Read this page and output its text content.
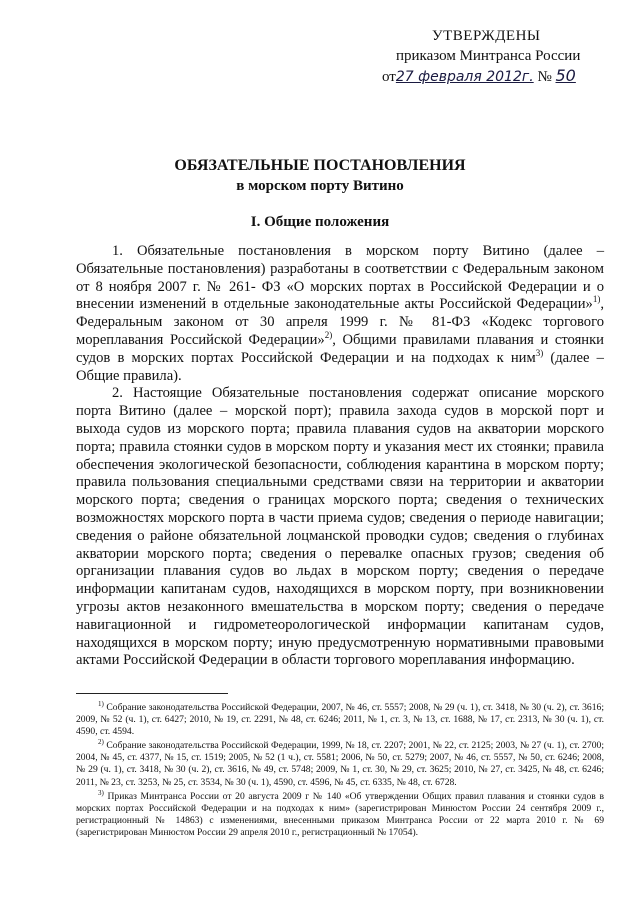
УТВЕРЖДЕНЫ
приказом Минтранса России
от27 февраля 2012г. № 50
ОБЯЗАТЕЛЬНЫЕ ПОСТАНОВЛЕНИЯ
в морском порту Витино
I. Общие положения

1. Обязательные постановления в морском порту Витино (далее – Обязательные постановления) разработаны в соответствии с Федеральным законом от 8 ноября 2007 г. № 261- ФЗ «О морских портах в Российской Федерации и о внесении изменений в отдельные законодательные акты Российской Федерации»$^{1)}$, Федеральным законом от 30 апреля 1999 г. № 81-ФЗ «Кодекс торгового мореплавания Российской Федерации»$^{2)}$, Общими правилами плавания и стоянки судов в морских портах Российской Федерации и на подходах к ним$^{3)}$ (далее – Общие правила).

2. Настоящие Обязательные постановления содержат описание морского порта Витино (далее – морской порт); правила захода судов в морской порт и выхода судов из морского порта; правила плавания судов на акватории морского порта; правила стоянки судов в морском порту и указания мест их стоянки; правила обеспечения экологической безопасности, соблюдения карантина в морском порту; правила пользования специальными средствами связи на территории и акватории морского порта; сведения о границах морского порта; сведения о технических возможностях морского порта в части приема судов; сведения о периоде навигации; сведения о районе обязательной лоцманской проводки судов; сведения о глубинах акватории морского порта; сведения о перевалке опасных грузов; сведения об организации плавания судов во льдах в морском порту; сведения о передаче информации капитанам судов, находящихся в морском порту, при возникновении угрозы актов незаконного вмешательства в морском порту; сведения о передаче навигационной и гидрометеорологической информации капитанам судов, находящихся в морском порту; иную предусмотренную нормативными правовыми актами Российской Федерации в области торгового мореплавания информацию.

$^{1)}$ Собрание законодательства Российской Федерации, 2007, № 46, ст. 5557; 2008, № 29 (ч. 1), ст. 3418, № 30 (ч. 2), ст. 3616; 2009, № 52 (ч. 1), ст. 6427; 2010, № 19, ст. 2291, № 48, ст. 6246; 2011, № 1, ст. 3, № 13, ст. 1688, № 17, ст. 2313, № 30 (ч. 1), ст. 4590, ст. 4594.

$^{2)}$ Собрание законодательства Российской Федерации, 1999, № 18, ст. 2207; 2001, № 22, ст. 2125; 2003, № 27 (ч. 1), ст. 2700; 2004, № 45, ст. 4377, № 15, ст. 1519; 2005, № 52 (1 ч.), ст. 5581; 2006, № 50, ст. 5279; 2007, № 46, ст. 5557, № 50, ст. 6246; 2008, № 29 (ч. 1), ст. 3418, № 30 (ч. 2), ст. 3616, № 49, ст. 5748; 2009, № 1, ст. 30, № 29, ст. 3625; 2010, № 27, ст. 3425, № 48, ст. 6246; 2011, № 23, ст. 3253, № 25, ст. 3534, № 30 (ч. 1), 4590, ст. 4596, № 45, ст. 6335, № 48, ст. 6728.

$^{3)}$ Приказ Минтранса России от 20 августа 2009 г № 140 «Об утверждении Общих правил плавания и стоянки судов в морских портах Российской Федерации и на подходах к ним» (зарегистрирован Минюстом России 24 сентября 2009 г., регистрационный № 14863) с изменениями, внесенными приказом Минтранса России от 22 марта 2010 г. № 69 (зарегистрирован Минюстом России 29 апреля 2010 г., регистрационный № 17054).
